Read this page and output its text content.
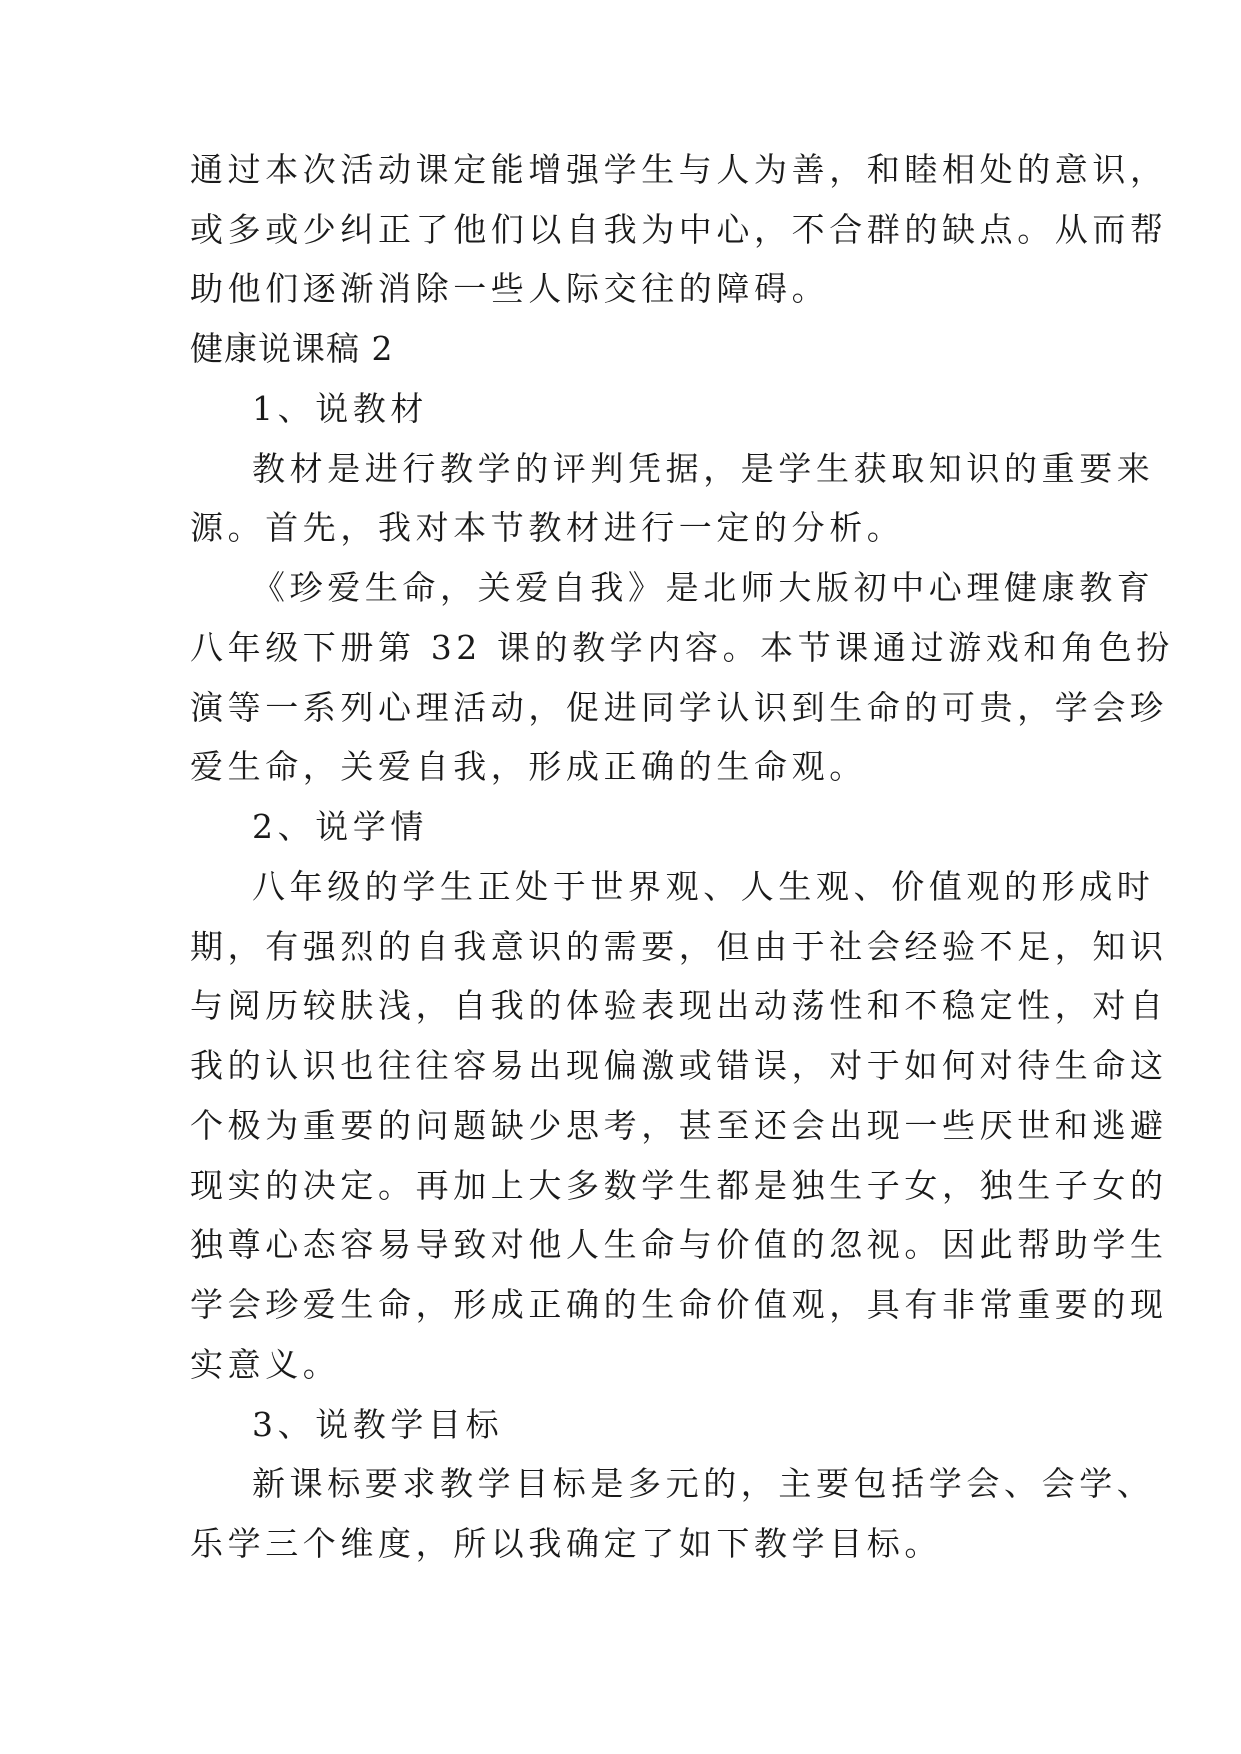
通过本次活动课定能增强学生与人为善，和睦相处的意识，
或多或少纠正了他们以自我为中心，不合群的缺点。从而帮
助他们逐渐消除一些人际交往的障碍。
健康说课稿 2
1、说教材
教材是进行教学的评判凭据，是学生获取知识的重要来
源。首先，我对本节教材进行一定的分析。
《珍爱生命，关爱自我》是北师大版初中心理健康教育
八年级下册第 32 课的教学内容。本节课通过游戏和角色扮
演等一系列心理活动，促进同学认识到生命的可贵，学会珍
爱生命，关爱自我，形成正确的生命观。
2、说学情
八年级的学生正处于世界观、人生观、价值观的形成时
期，有强烈的自我意识的需要，但由于社会经验不足，知识
与阅历较肤浅，自我的体验表现出动荡性和不稳定性，对自
我的认识也往往容易出现偏激或错误，对于如何对待生命这
个极为重要的问题缺少思考，甚至还会出现一些厌世和逃避
现实的决定。再加上大多数学生都是独生子女，独生子女的
独尊心态容易导致对他人生命与价值的忽视。因此帮助学生
学会珍爱生命，形成正确的生命价值观，具有非常重要的现
实意义。
3、说教学目标
新课标要求教学目标是多元的，主要包括学会、会学、
乐学三个维度，所以我确定了如下教学目标。
